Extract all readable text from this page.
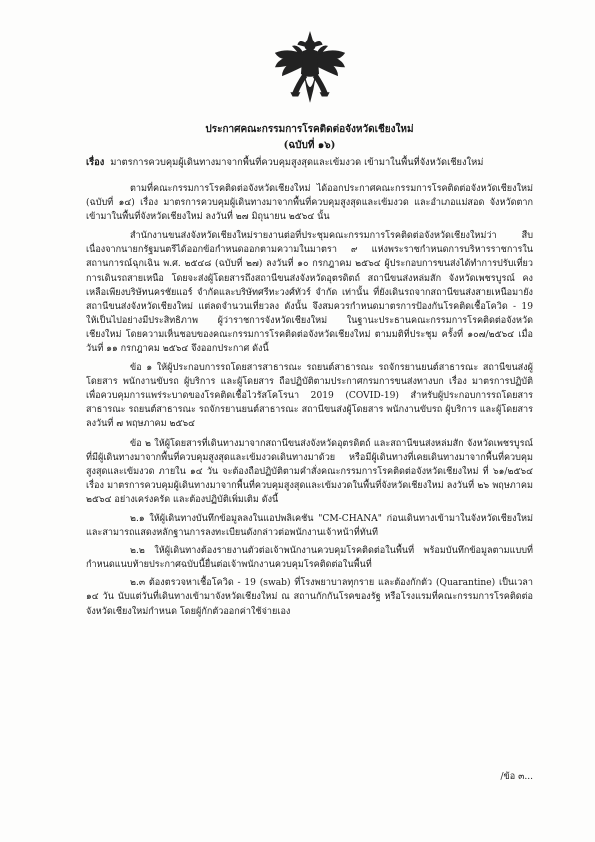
ประกาศคณะกรรมการโรคติดต่อจังหวัดเชียงใหม่

(ฉบับที่ ๑๖)

เรื่อง มาตรการควบคุมผู้เดินทางมาจากพื้นที่ควบคุมสูงสุดและเข้มงวด เข้ามาในพื้นที่จังหวัดเชียงใหม่

ตามที่คณะกรรมการโรคติดต่อจังหวัดเชียงใหม่ ได้ออกประกาศคณะกรรมการโรคติดต่อจังหวัดเชียงใหม่ (ฉบับที่ ๑๔) เรื่อง มาตรการควบคุมผู้เดินทางมาจากพื้นที่ควบคุมสูงสุดและเข้มงวด และอำเภอแม่สอด จังหวัดตาก เข้ามาในพื้นที่จังหวัดเชียงใหม่ ลงวันที่ ๒๗ มิถุนายน ๒๕๖๔ นั้น

สำนักงานขนส่งจังหวัดเชียงใหม่รายงานต่อที่ประชุมคณะกรรมการโรคติดต่อจังหวัดเชียงใหม่ว่า สืบเนื่องจากนายกรัฐมนตรีได้ออกข้อกำหนดออกตามความในมาตรา ๙ แห่งพระราชกำหนดการบริหารราชการในสถานการณ์ฉุกเฉิน พ.ศ. ๒๕๔๘ (ฉบับที่ ๒๗) ลงวันที่ ๑๐ กรกฎาคม ๒๕๖๔ ผู้ประกอบการขนส่งได้ทำการปรับเที่ยวการเดินรถสายเหนือ โดยจะส่งผู้โดยสารถึงสถานีขนส่งจังหวัดอุตรดิตถ์ สถานีขนส่งหล่มสัก จังหวัดเพชรบูรณ์ คงเหลือเพียงบริษัทนครชัยแอร์ จำกัดและบริษัทศรีทะวงศ์ทัวร์ จำกัด เท่านั้น ที่ยังเดินรถจากสถานีขนส่งสายเหนือมายังสถานีขนส่งจังหวัดเชียงใหม่ แต่ลดจำนวนเที่ยวลง ดังนั้น จึงสมควรกำหนดมาตรการป้องกันโรคติดเชื้อโควิด - 19 ให้เป็นไปอย่างมีประสิทธิภาพ ผู้ว่าราชการจังหวัดเชียงใหม่ ในฐานะประธานคณะกรรมการโรคติดต่อจังหวัดเชียงใหม่ โดยความเห็นชอบของคณะกรรมการโรคติดต่อจังหวัดเชียงใหม่ ตามมติที่ประชุม ครั้งที่ ๑๐๗/๒๕๖๔ เมื่อวันที่ ๑๑ กรกฎาคม ๒๕๖๔ จึงออกประกาศ ดังนี้

ข้อ ๑ ให้ผู้ประกอบการรถโดยสารสาธารณะ รถยนต์สาธารณะ รถจักรยานยนต์สาธารณะ สถานีขนส่งผู้โดยสาร พนักงานขับรถ ผู้บริการ และผู้โดยสาร ถือปฏิบัติตามประกาศกรมการขนส่งทางบก เรื่อง มาตรการปฏิบัติเพื่อควบคุมการแพร่ระบาดของโรคติดเชื้อไวรัสโคโรนา 2019 (COVID-19) สำหรับผู้ประกอบการรถโดยสารสาธารณะ รถยนต์สาธารณะ รถจักรยานยนต์สาธารณะ สถานีขนส่งผู้โดยสาร พนักงานขับรถ ผู้บริการ และผู้โดยสาร ลงวันที่ ๗ พฤษภาคม ๒๕๖๔

ข้อ ๒ ให้ผู้โดยสารที่เดินทางมาจากสถานีขนส่งจังหวัดอุตรดิตถ์ และสถานีขนส่งหล่มสัก จังหวัดเพชรบูรณ์ ที่มีผู้เดินทางมาจากพื้นที่ควบคุมสูงสุดและเข้มงวดเดินทางมาด้วย หรือมีผู้เดินทางที่เคยเดินทางมาจากพื้นที่ควบคุมสูงสุดและเข้มงวด ภายใน ๑๔ วัน จะต้องถือปฏิบัติตามคำสั่งคณะกรรมการโรคติดต่อจังหวัดเชียงใหม่ ที่ ๖๑/๒๕๖๔ เรื่อง มาตรการควบคุมผู้เดินทางมาจากพื้นที่ควบคุมสูงสุดและเข้มงวดในพื้นที่จังหวัดเชียงใหม่ ลงวันที่ ๒๖ พฤษภาคม ๒๕๖๔ อย่างเคร่งครัด และต้องปฏิบัติเพิ่มเติม ดังนี้

๒.๑ ให้ผู้เดินทางบันทึกข้อมูลลงในแอปพลิเคชัน "CM-CHANA" ก่อนเดินทางเข้ามาในจังหวัดเชียงใหม่ และสามารถแสดงหลักฐานการลงทะเบียนดังกล่าวต่อพนักงานเจ้าหน้าที่ทันที

๒.๒ ให้ผู้เดินทางต้องรายงานตัวต่อเจ้าพนักงานควบคุมโรคติดต่อในพื้นที่ พร้อมบันทึกข้อมูลตามแบบที่กำหนดแนบท้ายประกาศฉบับนี้ยื่นต่อเจ้าพนักงานควบคุมโรคติดต่อในพื้นที่

๒.๓ ต้องตรวจหาเชื้อโควิด - 19 (swab) ที่โรงพยาบาลทุกราย และต้องกักตัว (Quarantine) เป็นเวลา ๑๔ วัน นับแต่วันที่เดินทางเข้ามาจังหวัดเชียงใหม่ ณ สถานกักกันโรคของรัฐ หรือโรงแรมที่คณะกรรมการโรคติดต่อจังหวัดเชียงใหม่กำหนด โดยผู้กักตัวออกค่าใช้จ่ายเอง

/ข้อ ๓...
